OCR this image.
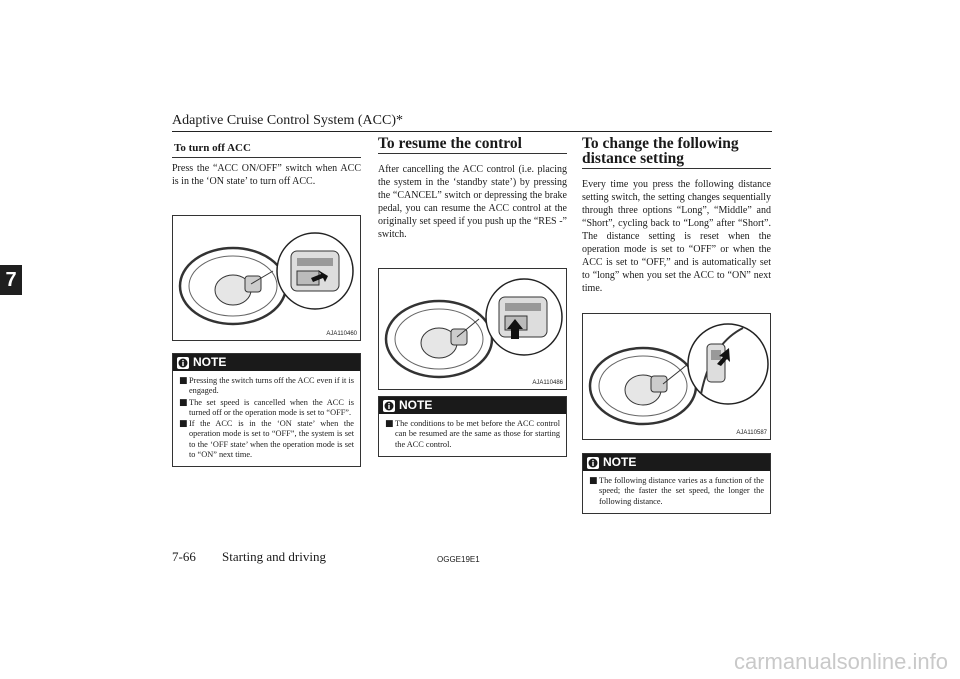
Adaptive Cruise Control System (ACC)*
7
To turn off ACC

Press the “ACC ON/OFF” switch when ACC is in the ‘ON state’ to turn off ACC.

AJA110460
NOTE
■ Pressing the switch turns off the ACC even if it is engaged.
■ The set speed is cancelled when the ACC is turned off or the operation mode is set to “OFF”.
■ If the ACC is in the ‘ON state’ when the operation mode is set to “OFF”, the system is set to the ‘OFF state’ when the operation mode is set to “ON” next time.
To resume the control

After cancelling the ACC control (i.e. placing the system in the ‘standby state’) by pressing the “CANCEL” switch or depressing the brake pedal, you can resume the ACC control at the originally set speed if you push up the “RES -” switch.

AJA110486
NOTE
■ The conditions to be met before the ACC control can be resumed are the same as those for starting the ACC control.
To change the following distance setting

Every time you press the following distance setting switch, the setting changes sequentially through three options “Long”, “Middle” and “Short”, cycling back to “Long” after “Short”. The distance setting is reset when the operation mode is set to “OFF” or when the ACC is set to “OFF,” and is automatically set to “long” when you set the ACC to “ON” next time.

AJA110587
NOTE
■ The following distance varies as a function of the speed; the faster the set speed, the longer the following distance.
7-66 Starting and driving	OGGE19E1
carmanualsonline.info
